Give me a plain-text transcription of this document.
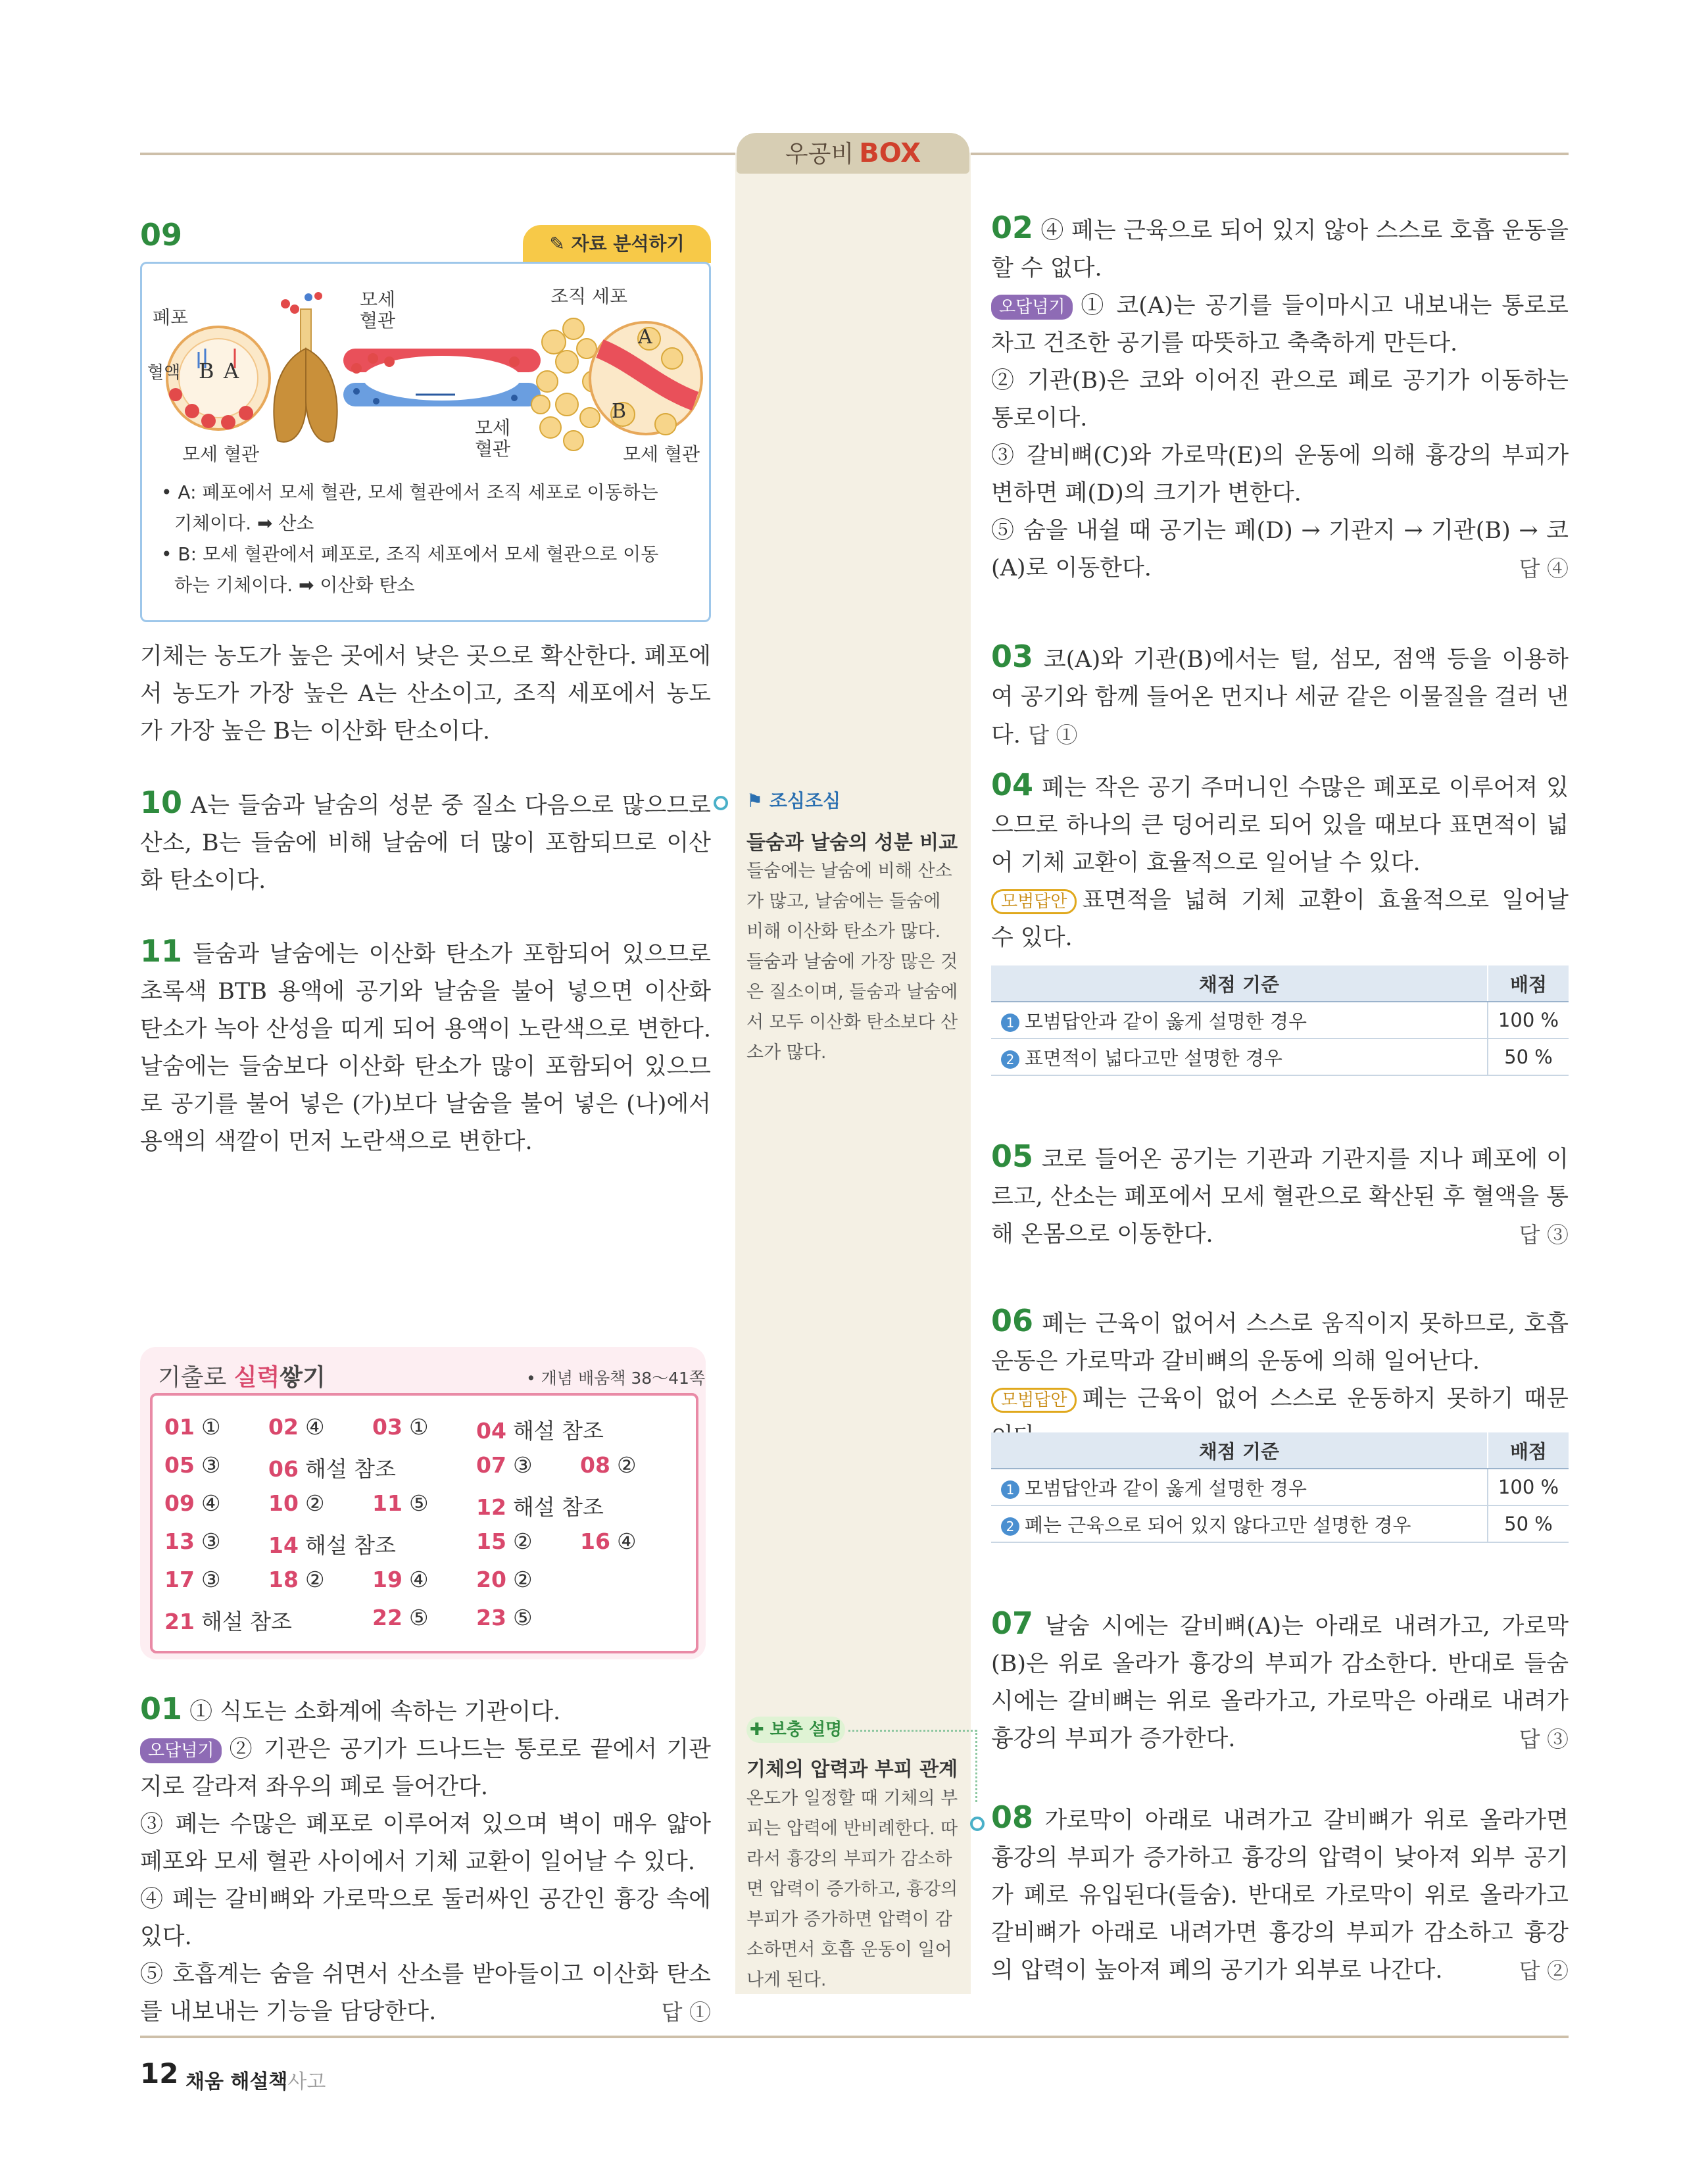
우공비 BOX
09	✎ 자료 분석하기
폐포
모세
혈관
조직 세포
혈액 B A
A
B
모세 혈관
모세
혈관	모세 혈관
• A: 폐포에서 모세 혈관, 모세 혈관에서 조직 세포로 이동하는
기체이다. ➡ 산소
• B: 모세 혈관에서 폐포로, 조직 세포에서 모세 혈관으로 이동
하는 기체이다. ➡ 이산화 탄소
기체는 농도가 높은 곳에서 낮은 곳으로 확산한다. 폐포에서 농도가 가장 높은 A는 산소이고, 조직 세포에서 농도가 가장 높은 B는 이산화 탄소이다.
10 A는 들숨과 날숨의 성분 중 질소 다음으로 많으므로 산소, B는 들숨에 비해 날숨에 더 많이 포함되므로 이산화 탄소이다.
11 들숨과 날숨에는 이산화 탄소가 포함되어 있으므로 초록색 BTB 용액에 공기와 날숨을 불어 넣으면 이산화 탄소가 녹아 산성을 띠게 되어 용액이 노란색으로 변한다. 날숨에는 들숨보다 이산화 탄소가 많이 포함되어 있으므로 공기를 불어 넣은 (가)보다 날숨을 불어 넣은 (나)에서 용액의 색깔이 먼저 노란색으로 변한다.
기출로 실력쌓기	• 개념 배움책 38～41쪽
01 ① 02 ④ 03 ① 04 해설 참조
05 ③ 06 해설 참조	07 ③ 08 ②
09 ④ 10 ② 11 ⑤ 12 해설 참조
13 ③ 14 해설 참조	15 ② 16 ④
17 ③ 18 ② 19 ④ 20 ②
21 해설 참조	22 ⑤ 23 ⑤
01 ① 식도는 소화계에 속하는 기관이다.
오답넘기 ② 기관은 공기가 드나드는 통로로 끝에서 기관지로 갈라져 좌우의 폐로 들어간다.
③ 폐는 수많은 폐포로 이루어져 있으며 벽이 매우 얇아 폐포와 모세 혈관 사이에서 기체 교환이 일어날 수 있다.
④ 폐는 갈비뼈와 가로막으로 둘러싸인 공간인 흉강 속에 있다.
⑤ 호흡계는 숨을 쉬면서 산소를 받아들이고 이산화 탄소를 내보내는 기능을 담당한다.	답 ①
⚑ 조심조심
들숨과 날숨의 성분 비교
들숨에는 날숨에 비해 산소가 많고, 날숨에는 들숨에 비해 이산화 탄소가 많다. 들숨과 날숨에 가장 많은 것은 질소이며, 들숨과 날숨에서 모두 이산화 탄소보다 산소가 많다.
✚ 보충 설명
기체의 압력과 부피 관계
온도가 일정할 때 기체의 부피는 압력에 반비례한다. 따라서 흉강의 부피가 감소하면 압력이 증가하고, 흉강의 부피가 증가하면 압력이 감소하면서 호흡 운동이 일어나게 된다.
02 ④ 폐는 근육으로 되어 있지 않아 스스로 호흡 운동을 할 수 없다.
오답넘기 ① 코(A)는 공기를 들이마시고 내보내는 통로로 차고 건조한 공기를 따뜻하고 축축하게 만든다.
② 기관(B)은 코와 이어진 관으로 폐로 공기가 이동하는 통로이다.
③ 갈비뼈(C)와 가로막(E)의 운동에 의해 흉강의 부피가 변하면 폐(D)의 크기가 변한다.
⑤ 숨을 내쉴 때 공기는 폐(D) → 기관지 → 기관(B) → 코(A)로 이동한다.	답 ④
03 코(A)와 기관(B)에서는 털, 섬모, 점액 등을 이용하여 공기와 함께 들어온 먼지나 세균 같은 이물질을 걸러 낸다. 답 ①
04 폐는 작은 공기 주머니인 수많은 폐포로 이루어져 있으므로 하나의 큰 덩어리로 되어 있을 때보다 표면적이 넓어 기체 교환이 효율적으로 일어날 수 있다.
모범답안 표면적을 넓혀 기체 교환이 효율적으로 일어날 수 있다.
채점 기준	배점
1 모범답안과 같이 옳게 설명한 경우	100 %
2 표면적이 넓다고만 설명한 경우	50 %
05 코로 들어온 공기는 기관과 기관지를 지나 폐포에 이르고, 산소는 폐포에서 모세 혈관으로 확산된 후 혈액을 통해 온몸으로 이동한다.	답 ③
06 폐는 근육이 없어서 스스로 움직이지 못하므로, 호흡 운동은 가로막과 갈비뼈의 운동에 의해 일어난다.
모범답안 폐는 근육이 없어 스스로 운동하지 못하기 때문
채점 기준	배점
1 모범답안과 같이 옳게 설명한 경우	100 %
2 폐는 근육으로 되어 있지 않다고만 설명한 경우	50 %
07 날숨 시에는 갈비뼈(A)는 아래로 내려가고, 가로막(B)은 위로 올라가 흉강의 부피가 감소한다. 반대로 들숨 시에는 갈비뼈는 위로 올라가고, 가로막은 아래로 내려가 흉강의 부피가 증가한다.	답 ③
08 가로막이 아래로 내려가고 갈비뼈가 위로 올라가면 흉강의 부피가 증가하고 흉강의 압력이 낮아져 외부 공기가 폐로 유입된다(들숨). 반대로 가로막이 위로 올라가고 갈비뼈가 아래로 내려가면 흉강의 부피가 감소하고 흉강의 압력이 높아져 폐의 공기가 외부로 나간다.	답 ②
12 채움 해설책사고
